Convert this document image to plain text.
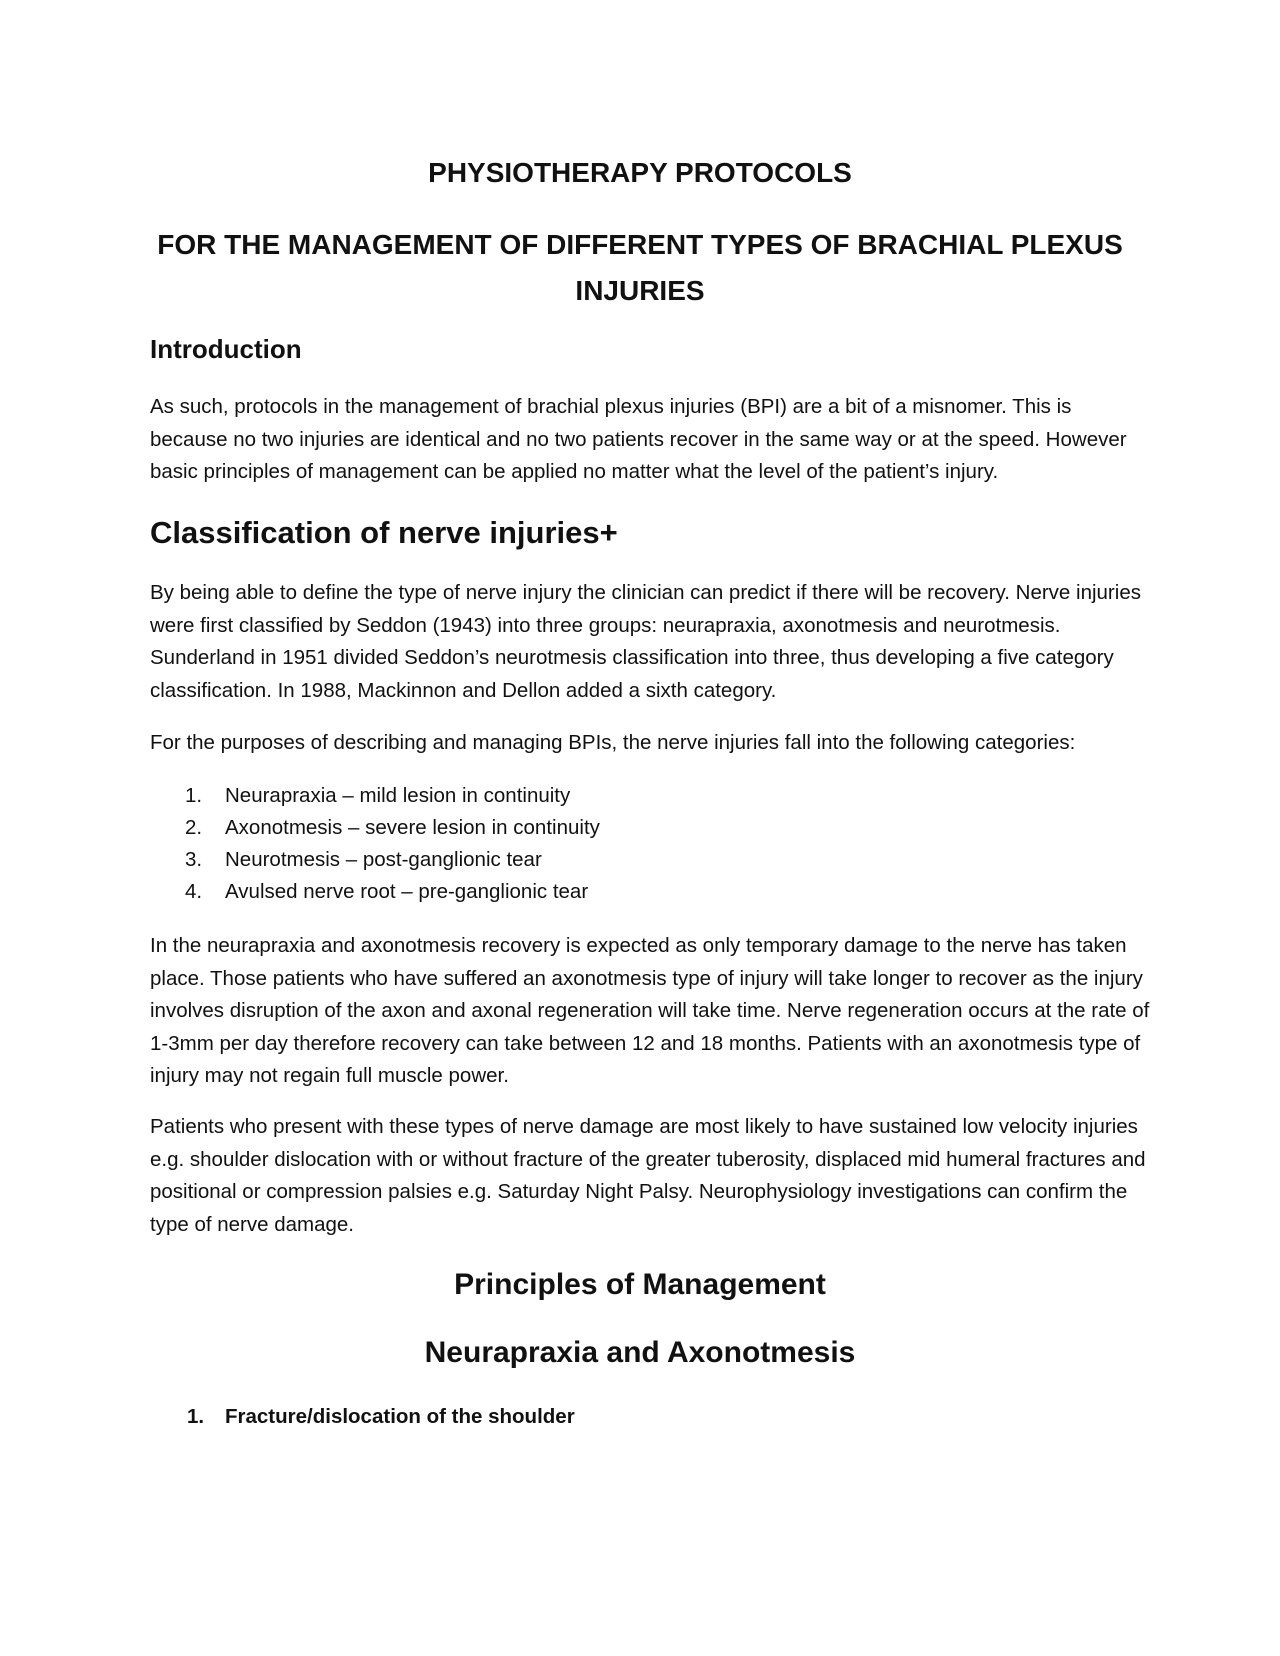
PHYSIOTHERAPY PROTOCOLS
FOR THE MANAGEMENT OF DIFFERENT TYPES OF BRACHIAL PLEXUS INJURIES
Introduction

As such, protocols in the management of brachial plexus injuries (BPI) are a bit of a misnomer. This is because no two injuries are identical and no two patients recover in the same way or at the speed. However basic principles of management can be applied no matter what the level of the patient’s injury.

Classification of nerve injuries+

By being able to define the type of nerve injury the clinician can predict if there will be recovery. Nerve injuries were first classified by Seddon (1943) into three groups: neurapraxia, axonotmesis and neurotmesis. Sunderland in 1951 divided Seddon’s neurotmesis classification into three, thus developing a five category classification. In 1988, Mackinnon and Dellon added a sixth category.

For the purposes of describing and managing BPIs, the nerve injuries fall into the following categories:

1.	Neurapraxia – mild lesion in continuity
2.	Axonotmesis – severe lesion in continuity
3.	Neurotmesis – post-ganglionic tear
4.	Avulsed nerve root – pre-ganglionic tear

In the neurapraxia and axonotmesis recovery is expected as only temporary damage to the nerve has taken place. Those patients who have suffered an axonotmesis type of injury will take longer to recover as the injury involves disruption of the axon and axonal regeneration will take time. Nerve regeneration occurs at the rate of 1-3mm per day therefore recovery can take between 12 and 18 months. Patients with an axonotmesis type of injury may not regain full muscle power.

Patients who present with these types of nerve damage are most likely to have sustained low velocity injuries e.g. shoulder dislocation with or without fracture of the greater tuberosity, displaced mid humeral fractures and positional or compression palsies e.g. Saturday Night Palsy. Neurophysiology investigations can confirm the type of nerve damage.

Principles of Management
Neurapraxia and Axonotmesis
1.	Fracture/dislocation of the shoulder
